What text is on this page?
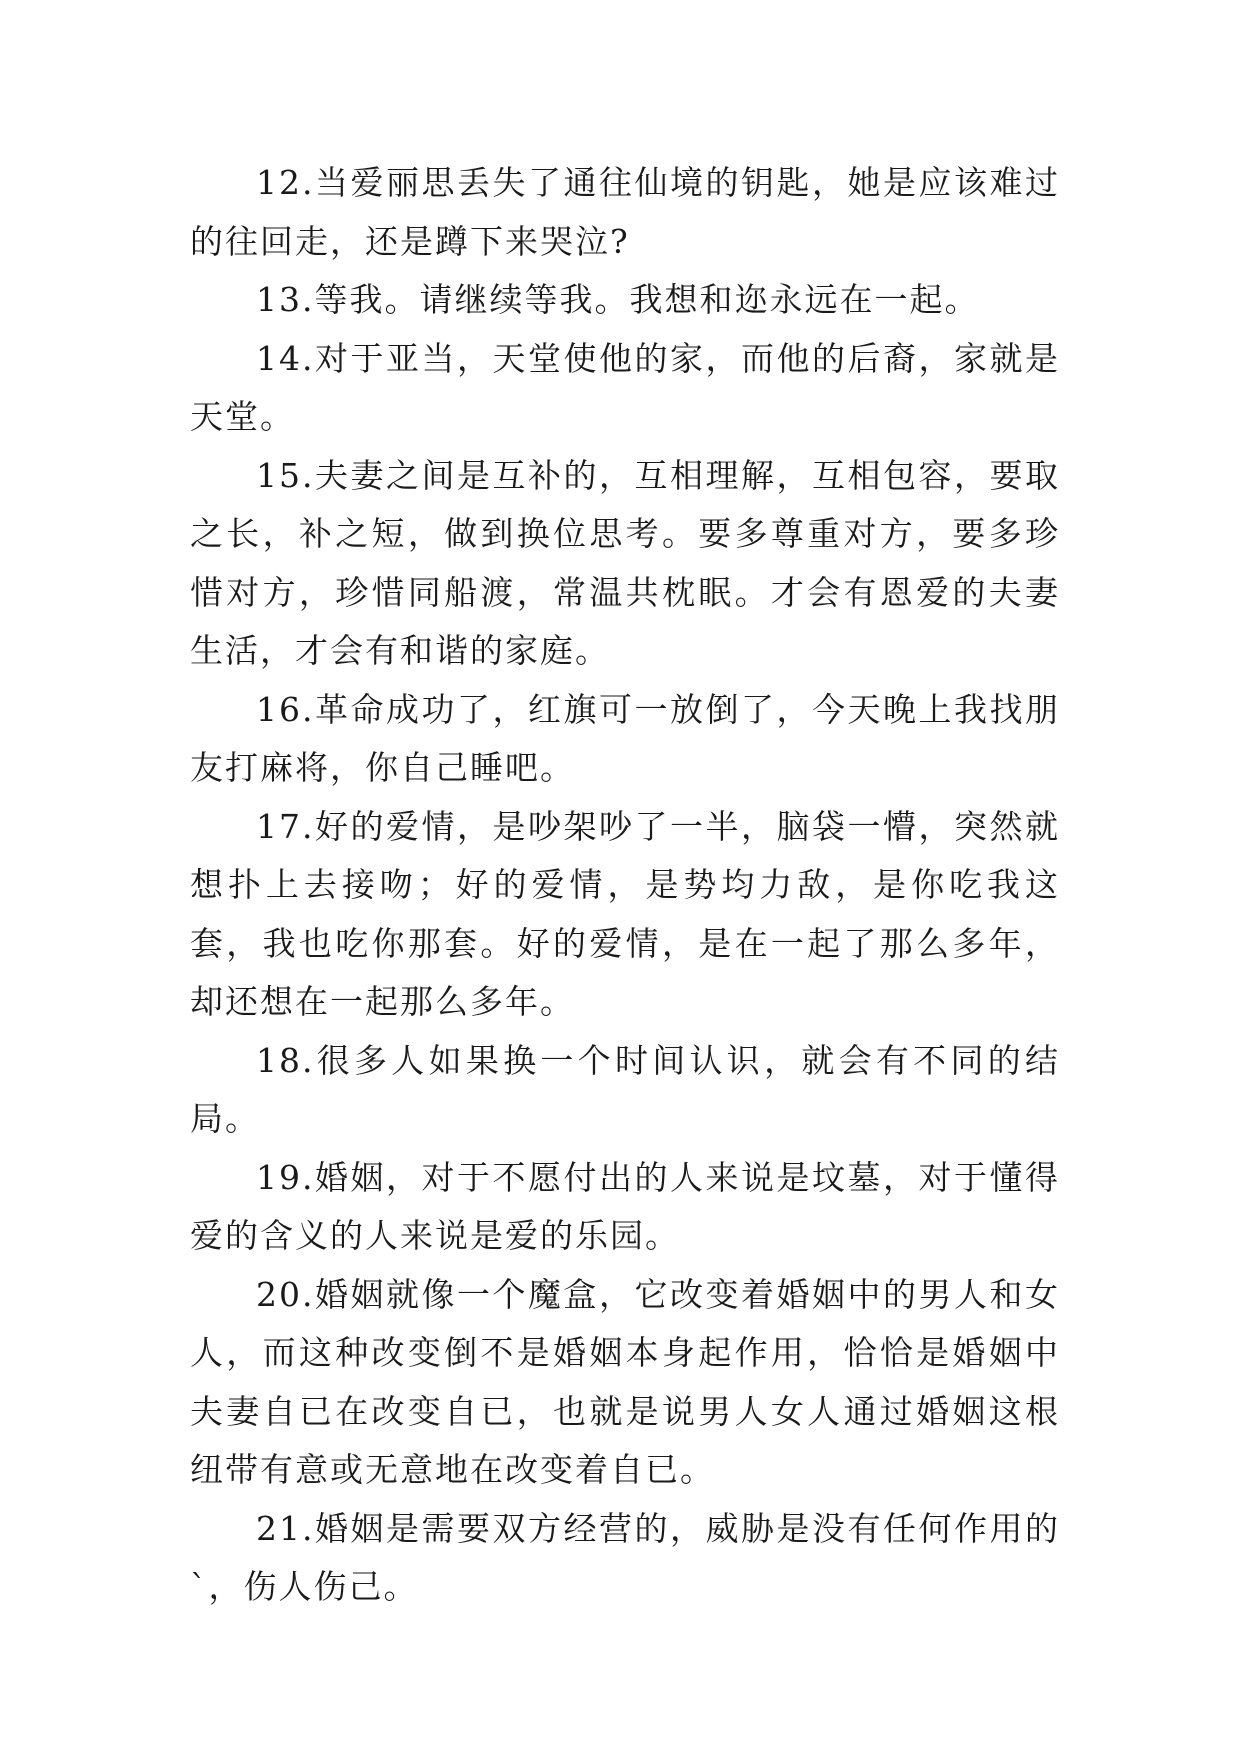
12.当爱丽思丢失了通往仙境的钥匙，她是应该难过的往回走，还是蹲下来哭泣?

13.等我。请继续等我。我想和迩永远在一起。

14.对于亚当，天堂使他的家，而他的后裔，家就是天堂。

15.夫妻之间是互补的，互相理解，互相包容，要取之长，补之短，做到换位思考。要多尊重对方，要多珍惜对方，珍惜同船渡，常温共枕眠。才会有恩爱的夫妻生活，才会有和谐的家庭。

16.革命成功了，红旗可一放倒了，今天晚上我找朋友打麻将，你自己睡吧。

17.好的爱情，是吵架吵了一半，脑袋一懵，突然就想扑上去接吻；好的爱情，是势均力敌，是你吃我这套，我也吃你那套。好的爱情，是在一起了那么多年，却还想在一起那么多年。

18.很多人如果换一个时间认识，就会有不同的结局。

19.婚姻，对于不愿付出的人来说是坟墓，对于懂得爱的含义的人来说是爱的乐园。

20.婚姻就像一个魔盒，它改变着婚姻中的男人和女人，而这种改变倒不是婚姻本身起作用，恰恰是婚姻中夫妻自已在改变自已，也就是说男人女人通过婚姻这根纽带有意或无意地在改变着自已。

21.婚姻是需要双方经营的，威胁是没有任何作用的`，伤人伤己。
